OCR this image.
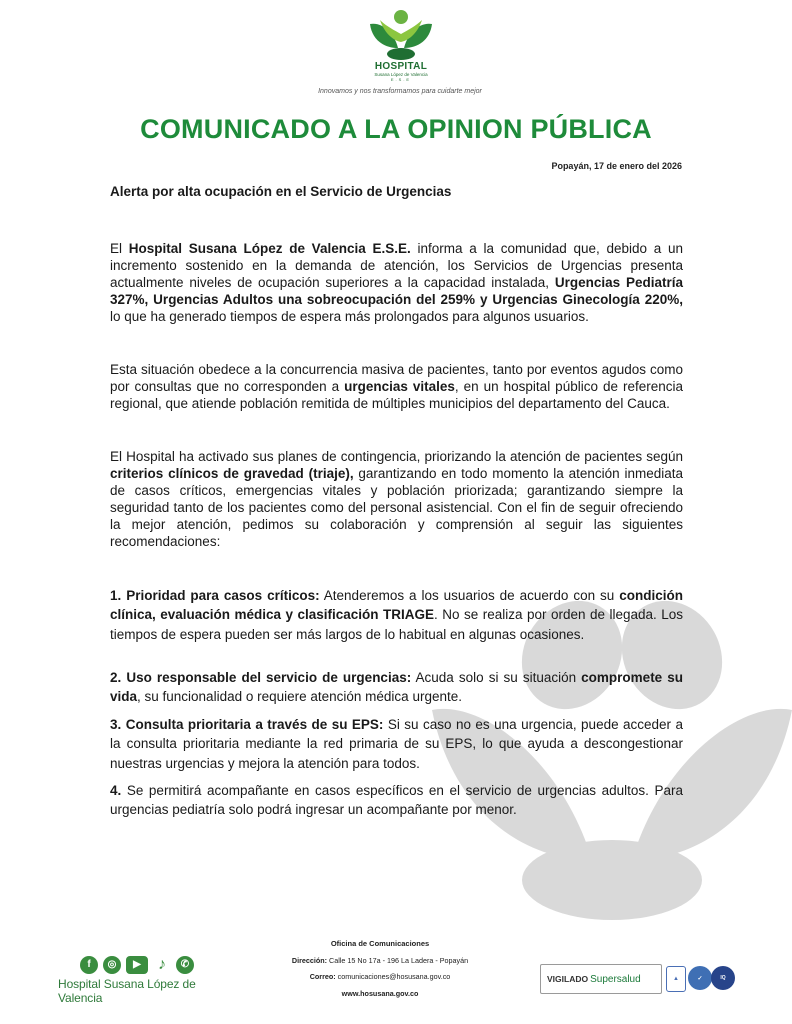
HOSPITAL
Susana López de Valencia
E.S.E
Innovamos y nos transformamos para cuidarte mejor
COMUNICADO A LA OPINION PÚBLICA
Popayán, 17 de enero del 2026
Alerta por alta ocupación en el Servicio de Urgencias
El Hospital Susana López de Valencia E.S.E. informa a la comunidad que, debido a un incremento sostenido en la demanda de atención, los Servicios de Urgencias presenta actualmente niveles de ocupación superiores a la capacidad instalada, Urgencias Pediatría 327%, Urgencias Adultos una sobreocupación del 259% y Urgencias Ginecología 220%, lo que ha generado tiempos de espera más prolongados para algunos usuarios.
Esta situación obedece a la concurrencia masiva de pacientes, tanto por eventos agudos como por consultas que no corresponden a urgencias vitales, en un hospital público de referencia regional, que atiende población remitida de múltiples municipios del departamento del Cauca.
El Hospital ha activado sus planes de contingencia, priorizando la atención de pacientes según criterios clínicos de gravedad (triaje), garantizando en todo momento la atención inmediata de casos críticos, emergencias vitales y población priorizada; garantizando siempre la seguridad tanto de los pacientes como del personal asistencial. Con el fin de seguir ofreciendo la mejor atención, pedimos su colaboración y comprensión al seguir las siguientes recomendaciones:
1. Prioridad para casos críticos: Atenderemos a los usuarios de acuerdo con su condición clínica, evaluación médica y clasificación TRIAGE. No se realiza por orden de llegada. Los tiempos de espera pueden ser más largos de lo habitual en algunas ocasiones.
2. Uso responsable del servicio de urgencias: Acuda solo si su situación compromete su vida, su funcionalidad o requiere atención médica urgente.
3. Consulta prioritaria a través de su EPS: Si su caso no es una urgencia, puede acceder a la consulta prioritaria mediante la red primaria de su EPS, lo que ayuda a descongestionar nuestras urgencias y mejora la atención para todos.
4. Se permitirá acompañante en casos específicos en el servicio de urgencias adultos. Para urgencias pediatría solo podrá ingresar un acompañante por menor.
f	◎	▶	♪	✆
Hospital Susana López de Valencia
Oficina de Comunicaciones
Dirección: Calle 15 No 17a - 196 La Ladera - Popayán
Correo: comunicaciones@hosusana.gov.co
www.hosusana.gov.co
VIGILADO Supersalud	▲	✓	IQ
